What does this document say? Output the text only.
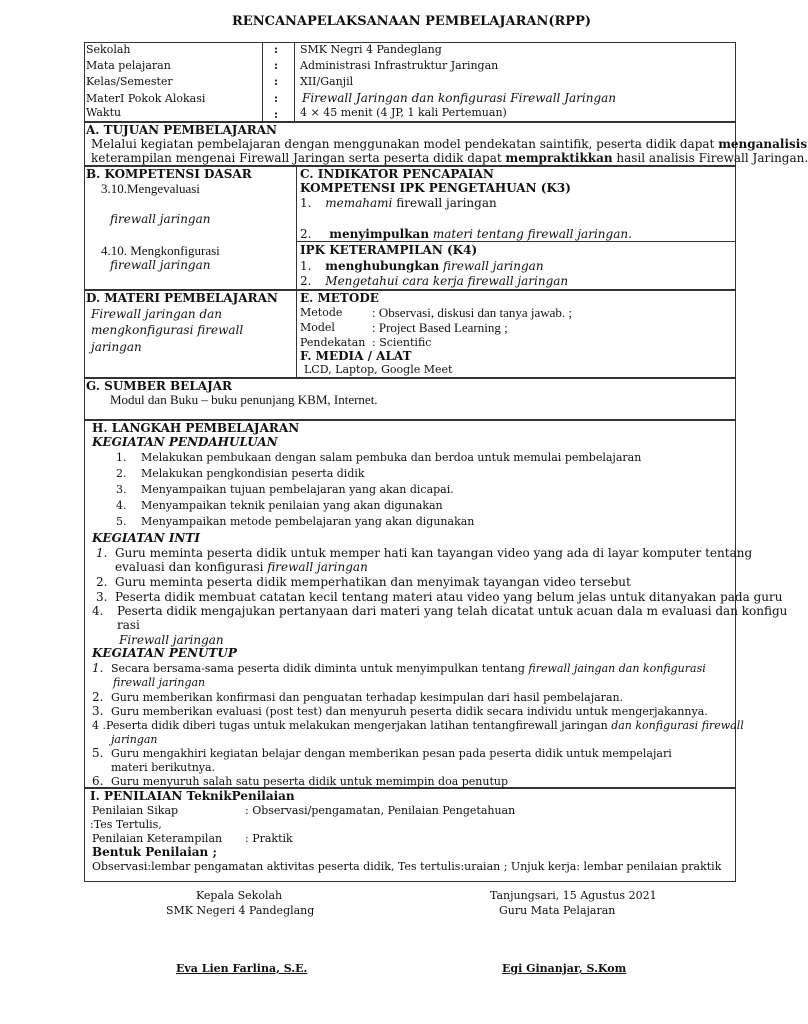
RENCANAPELAKSANAAN PEMBELAJARAN(RPP)
Sekolah	: SMK Negri 4 Pandeglang
Mata pelajaran	: Administrasi Infrastruktur Jaringan
Kelas/Semester	: XII/Ganjil
MaterI Pokok Alokasi	: Firewall Jaringan dan konfigurasi Firewall Jaringan
Waktu	4 × 45 menit (4 JP, 1 kali Pertemuan)
:
A. TUJUAN PEMBELAJARAN
Melalui kegiatan pembelajaran dengan menggunakan model pendekatan saintifik, peserta didik dapat menganalisis
keterampilan mengenai Firewall Jaringan serta peserta didik dapat mempraktikkan hasil analisis Firewall Jaringan.
B. KOMPETENSI DASAR
3.10.Mengevaluasi
firewall jaringan
4.10. Mengkonfigurasi
firewall jaringan
C. INDIKATOR PENCAPAIAN
KOMPETENSI IPK PENGETAHUAN (K3)
1. memahami firewall jaringan
2. menyimpulkan materi tentang firewall jaringan.
IPK KETERAMPILAN (K4)
1. menghubungkan firewall jaringan
2. Mengetahui cara kerja firewall jaringan
D. MATERI PEMBELAJARAN
Firewall jaringan dan
mengkonfigurasi firewall
jaringan
E. METODE
Metode : Observasi, diskusi dan tanya jawab. ;
Model	: Project Based Learning ;
Pendekatan : Scientific
F. MEDIA / ALAT
LCD, Laptop, Google Meet
G. SUMBER BELAJAR
Modul dan Buku – buku penunjang KBM, Internet.
H. LANGKAH PEMBELAJARAN
KEGIATAN PENDAHULUAN
1. Melakukan pembukaan dengan salam pembuka dan berdoa untuk memulai pembelajaran
2. Melakukan pengkondisian peserta didik
3. Menyampaikan tujuan pembelajaran yang akan dicapai.
4. Menyampaikan teknik penilaian yang akan digunakan
5. Menyampaikan metode pembelajaran yang akan digunakan
KEGIATAN INTI
1. Guru meminta peserta didik untuk memper hati kan tayangan video yang ada di layar komputer tentang
evaluasi dan konfigurasi firewall jaringan
2. Guru meminta peserta didik memperhatikan dan menyimak tayangan video tersebut
3. Peserta didik membuat catatan kecil tentang materi atau video yang belum jelas untuk ditanyakan pada guru
4. Peserta didik mengajukan pertanyaan dari materi yang telah dicatat untuk acuan dala m evaluasi dan konfigu
rasi
Firewall jaringan
KEGIATAN PENUTUP
1. Secara bersama-sama peserta didik diminta untuk menyimpulkan tentang firewall jaingan dan konfigurasi
firewall jaringan
2. Guru memberikan konfirmasi dan penguatan terhadap kesimpulan dari hasil pembelajaran.
3. Guru memberikan evaluasi (post test) dan menyuruh peserta didik secara individu untuk mengerjakannya.
4 .Peserta didik diberi tugas untuk melakukan mengerjakan latihan tentangfirewall jaringan dan konfigurasi firewall
jaringan
5. Guru mengakhiri kegiatan belajar dengan memberikan pesan pada peserta didik untuk mempelajari
materi berikutnya.
6. Guru menyuruh salah satu peserta didik untuk memimpin doa penutup
I. PENILAIAN TeknikPenilaian
Penilaian Sikap	: Observasi/pengamatan, Penilaian Pengetahuan
:Tes Tertulis,
Penilaian Keterampilan : Praktik
Bentuk Penilaian ;
Observasi:lembar pengamatan aktivitas peserta didik, Tes tertulis:uraian ; Unjuk kerja: lembar penilaian praktik
Kepala Sekolah
SMK Negeri 4 Pandeglang
Eva Lien Farlina, S.E.
Tanjungsari, 15 Agustus 2021
Guru Mata Pelajaran
Egi Ginanjar, S.Kom
